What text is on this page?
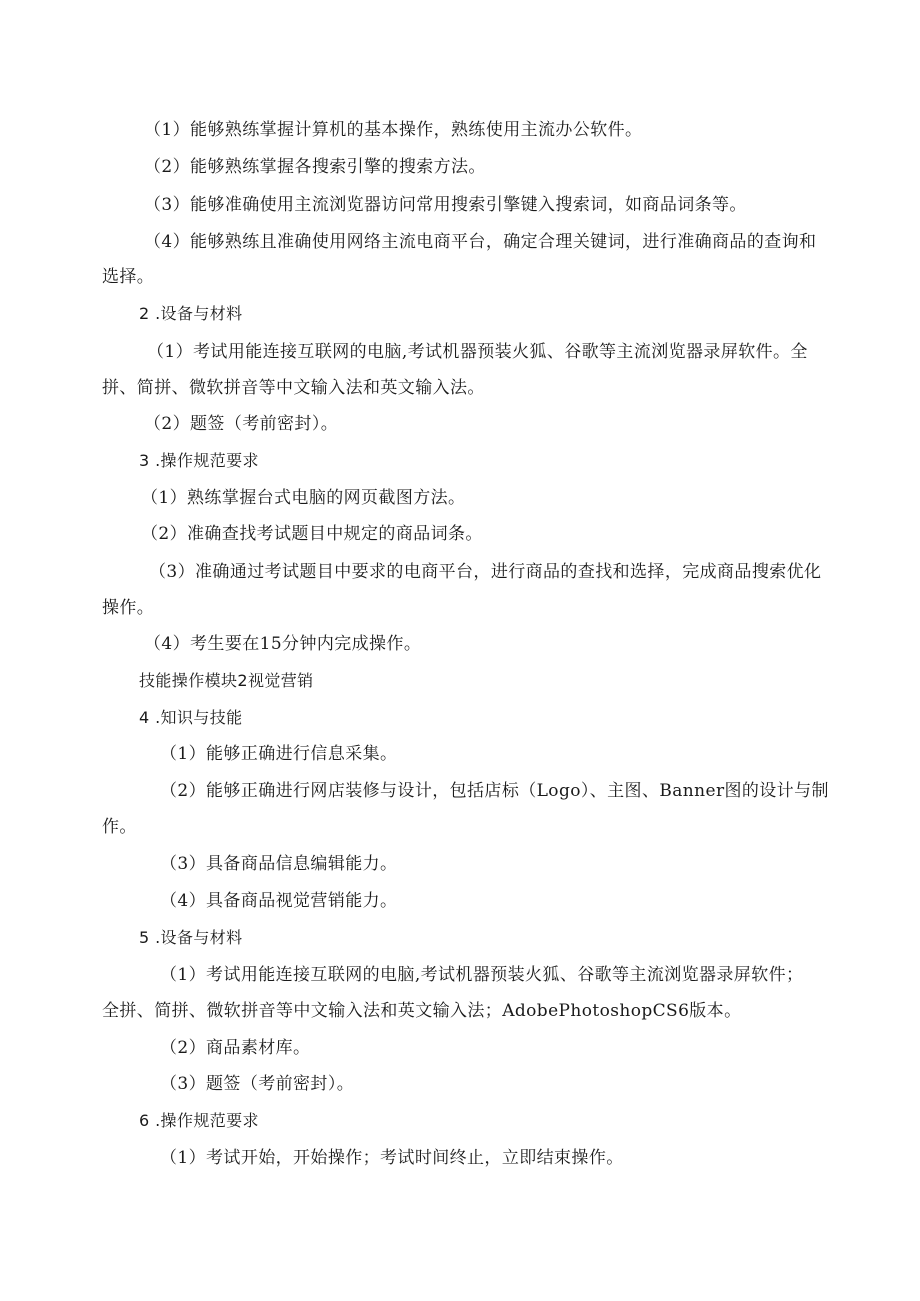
（1）能够熟练掌握计算机的基本操作，熟练使用主流办公软件。
（2）能够熟练掌握各搜索引擎的搜索方法。
（3）能够准确使用主流浏览器访问常用搜索引擎键入搜索词，如商品词条等。
（4）能够熟练且准确使用网络主流电商平台，确定合理关键词，进行准确商品的查询和
选择。
2 .设备与材料
（1）考试用能连接互联网的电脑,考试机器预装火狐、谷歌等主流浏览器录屏软件。全
拼、简拼、微软拼音等中文输入法和英文输入法。
（2）题签（考前密封）。
3 .操作规范要求
（1）熟练掌握台式电脑的网页截图方法。
（2）准确查找考试题目中规定的商品词条。
（3）准确通过考试题目中要求的电商平台，进行商品的查找和选择，完成商品搜索优化
操作。
（4）考生要在15分钟内完成操作。
技能操作模块2视觉营销
4 .知识与技能
（1）能够正确进行信息采集。
（2）能够正确进行网店装修与设计，包括店标（Logo）、主图、Banner图的设计与制
作。
（3）具备商品信息编辑能力。
（4）具备商品视觉营销能力。
5 .设备与材料
（1）考试用能连接互联网的电脑,考试机器预装火狐、谷歌等主流浏览器录屏软件；
全拼、简拼、微软拼音等中文输入法和英文输入法；AdobePhotoshopCS6版本。
（2）商品素材库。
（3）题签（考前密封）。
6 .操作规范要求
（1）考试开始，开始操作；考试时间终止，立即结束操作。
